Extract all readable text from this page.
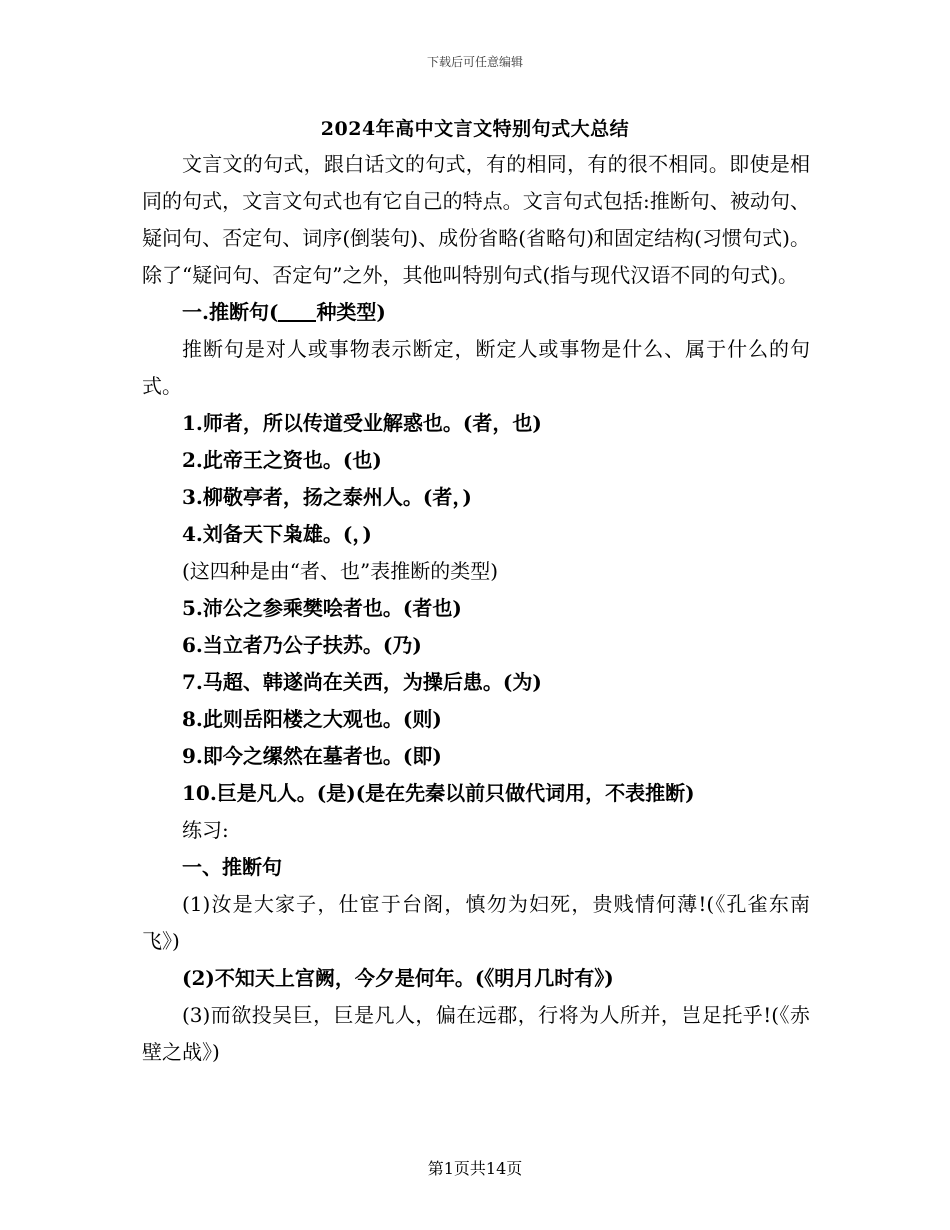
下载后可任意编辑
2024年高中文言文特别句式大总结

文言文的句式，跟白话文的句式，有的相同，有的很不相同。即使是相同的句式，文言文句式也有它自己的特点。文言句式包括:推断句、被动句、疑问句、否定句、词序(倒装句)、成份省略(省略句)和固定结构(习惯句式)。除了“疑问句、否定句”之外，其他叫特别句式(指与现代汉语不同的句式)。

一.推断句( 种类型)

推断句是对人或事物表示断定，断定人或事物是什么、属于什么的句式。

1.师者，所以传道受业解惑也。(者，也)

2.此帝王之资也。(也)

3.柳敬亭者，扬之泰州人。(者，)

4.刘备天下枭雄。(，)

(这四种是由“者、也”表推断的类型)

5.沛公之参乘樊哙者也。(者也)

6.当立者乃公子扶苏。(乃)

7.马超、韩遂尚在关西，为操后患。(为)

8.此则岳阳楼之大观也。(则)

9.即今之缧然在墓者也。(即)

10.巨是凡人。(是)(是在先秦以前只做代词用，不表推断)

练习:

一、推断句

(1)汝是大家子，仕宦于台阁，慎勿为妇死，贵贱情何薄!(《孔雀东南飞》)

(2)不知天上宫阙，今夕是何年。(《明月几时有》)

(3)而欲投吴巨，巨是凡人，偏在远郡，行将为人所并，岂足托乎!(《赤壁之战》)

第1页共14页
